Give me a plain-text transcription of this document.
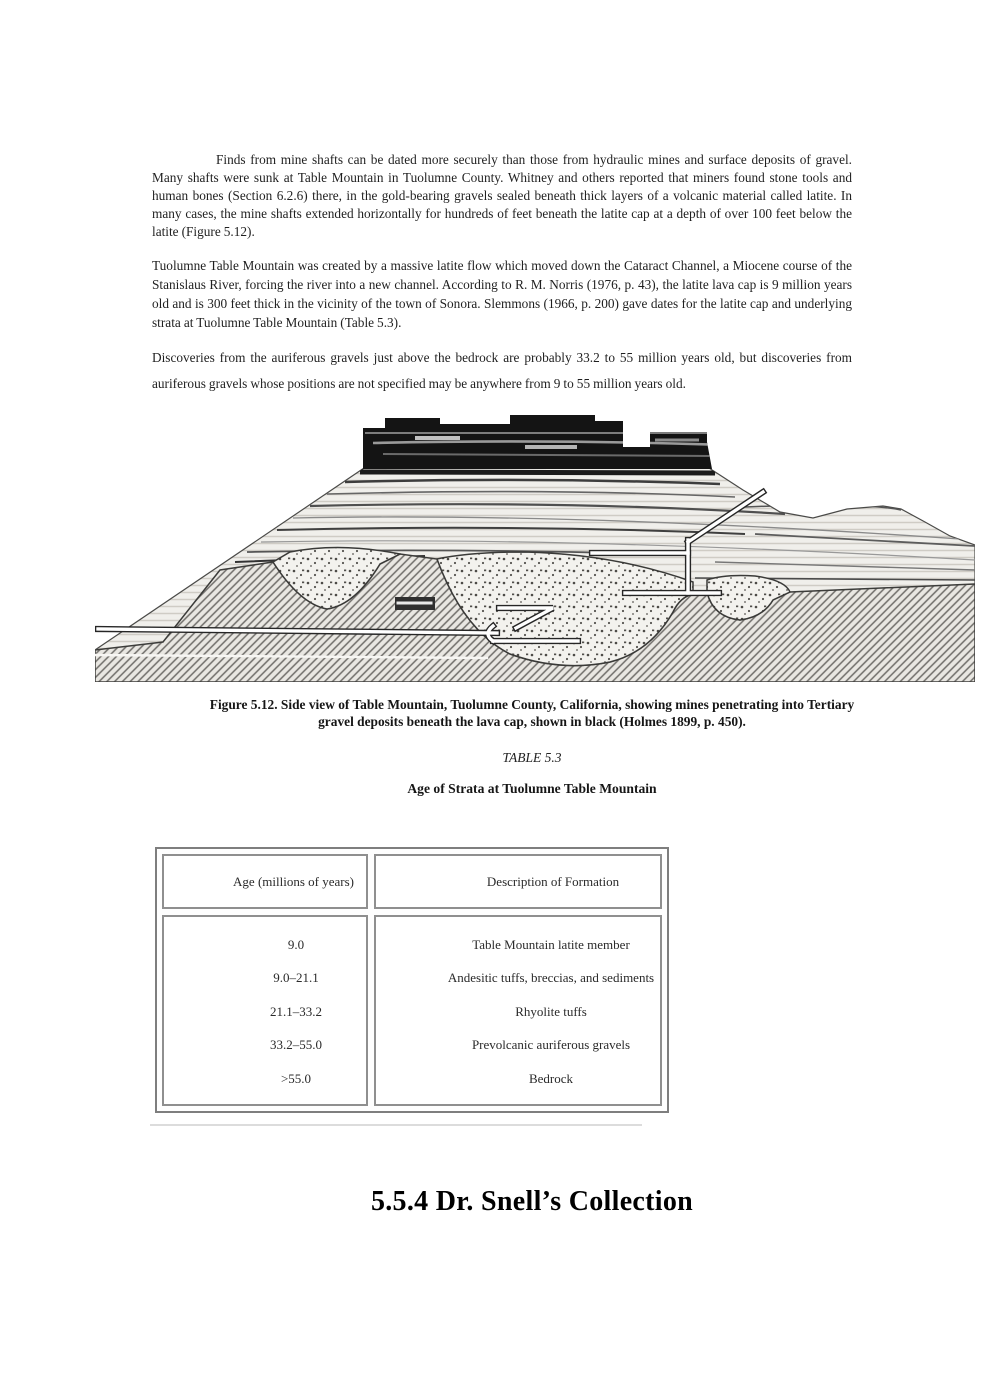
Finds from mine shafts can be dated more securely than those from hydraulic mines and surface deposits of gravel. Many shafts were sunk at Table Mountain in Tuolumne County. Whitney and others reported that miners found stone tools and human bones (Section 6.2.6) there, in the gold-bearing gravels sealed beneath thick layers of a volcanic material called latite. In many cases, the mine shafts extended horizontally for hundreds of feet beneath the latite cap at a depth of over 100 feet below the latite (Figure 5.12).
Tuolumne Table Mountain was created by a massive latite flow which moved down the Cataract Channel, a Miocene course of the Stanislaus River, forcing the river into a new channel. According to R. M. Norris (1976, p. 43), the latite lava cap is 9 million years old and is 300 feet thick in the vicinity of the town of Sonora. Slemmons (1966, p. 200) gave dates for the latite cap and underlying strata at Tuolumne Table Mountain (Table 5.3).
Discoveries from the auriferous gravels just above the bedrock are probably 33.2 to 55 million years old, but discoveries from auriferous gravels whose positions are not specified may be anywhere from 9 to 55 million years old.
Figure 5.12. Side view of Table Mountain, Tuolumne County, California, showing mines penetrating into Tertiary gravel deposits beneath the lava cap, shown in black (Holmes 1899, p. 450).
TABLE 5.3
Age of Strata at Tuolumne Table Mountain
Age (millions of years)	Description of Formation
9.0
9.0–21.1
21.1–33.2
33.2–55.0
>55.0
Table Mountain latite member
Andesitic tuffs, breccias, and sediments
Rhyolite tuffs
Prevolcanic auriferous gravels
Bedrock
5.5.4 Dr. Snell’s Collection
